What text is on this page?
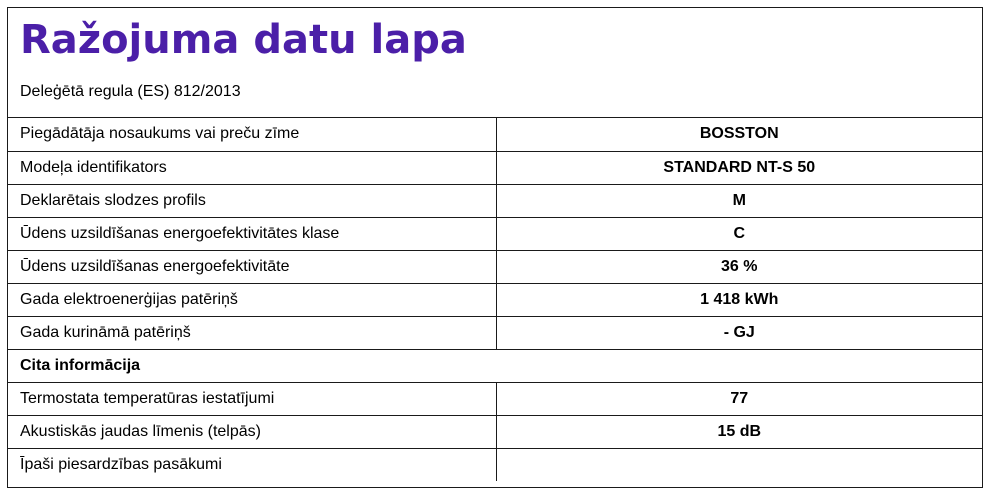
Ražojuma datu lapa
Deleģētā regula (ES) 812/2013
Piegādātāja nosaukums vai preču zīme	BOSSTON
Modeļa identifikators	STANDARD NT-S 50
Deklarētais slodzes profils	M
Ūdens uzsildīšanas energoefektivitātes klase	C
Ūdens uzsildīšanas energoefektivitāte	36 %
Gada elektroenerģijas patēriņš	1 418 kWh
Gada kurināmā patēriņš	- GJ
Cita informācija	
Termostata temperatūras iestatījumi	77
Akustiskās jaudas līmenis (telpās)	15 dB
Īpaši piesardzības pasākumi	
